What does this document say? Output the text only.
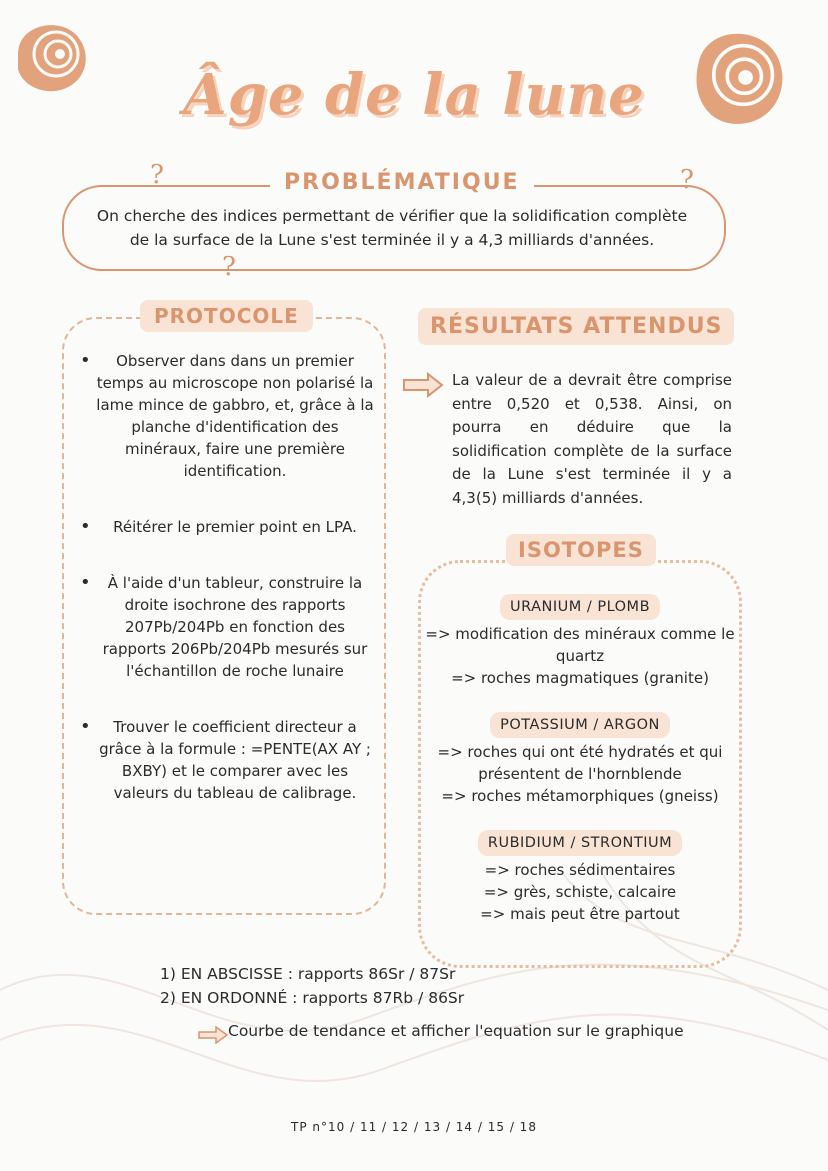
Âge de la lune
PROBLÉMATIQUE
?	?
?
On cherche des indices permettant de vérifier que la solidification complète
de la surface de la Lune s'est terminée il y a 4,3 milliards d'années.
PROTOCOLE
• Observer dans dans un premier temps au microscope non polarisé la lame mince de gabbro, et, grâce à la planche d'identification des minéraux, faire une première identification.
• Réitérer le premier point en LPA.
• À l'aide d'un tableur, construire la droite isochrone des rapports 207Pb/204Pb en fonction des rapports 206Pb/204Pb mesurés sur l'échantillon de roche lunaire
• Trouver le coefficient directeur a grâce à la formule : =PENTE(AX AY ; BXBY) et le comparer avec les valeurs du tableau de calibrage.
RÉSULTATS ATTENDUS
La valeur de a devrait être comprise entre 0,520 et 0,538. Ainsi, on pourra en déduire que la solidification complète de la surface de la Lune s'est terminée il y a 4,3(5) milliards d'années.
ISOTOPES
URANIUM / PLOMB
=> modification des minéraux comme le quartz
=> roches magmatiques (granite)
POTASSIUM / ARGON
=> roches qui ont été hydratés et qui présentent de l'hornblende
=> roches métamorphiques (gneiss)
RUBIDIUM / STRONTIUM
=> roches sédimentaires
=> grès, schiste, calcaire
=> mais peut être partout
1) EN ABSCISSE : rapports 86Sr / 87Sr
2) EN ORDONNÉ : rapports 87Rb / 86Sr
Courbe de tendance et afficher l'equation sur le graphique
TP n°10 / 11 / 12 / 13 / 14 / 15 / 18
